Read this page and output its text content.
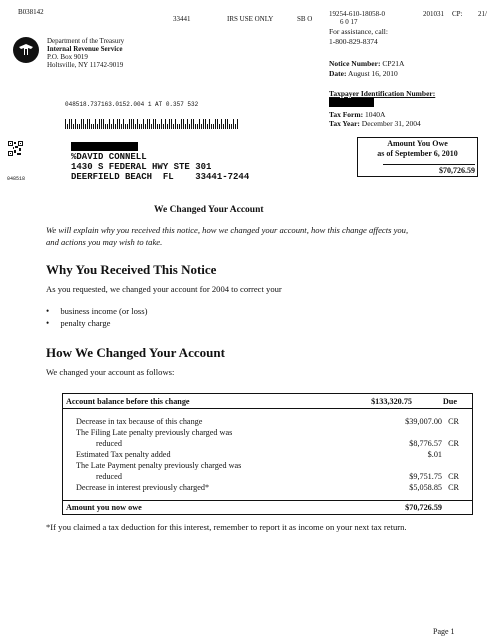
B038142
33441	IRS USE ONLY	SB O
19254-610-18058-0	201031 CP: 21/
6 0 17
Department of the Treasury
Internal Revenue Service
P.O. Box 9019
Holtsville, NY 11742-9019
For assistance, call:
1-800-829-8374
Notice Number: CP21A
Date: August 16, 2010
Taxpayer Identification Number:
Tax Form: 1040A
Tax Year: December 31, 2004
048518.737163.0152.004 1 AT 0.357 532
048518
%DAVID CONNELL
1430 S FEDERAL HWY STE 301
DEERFIELD BEACH  FL    33441-7244
Amount You Owe
as of September 6, 2010
$70,726.59
We Changed Your Account
We will explain why you received this notice, how we changed your account, how this change affects you,
and actions you may wish to take.
Why You Received This Notice
As you requested, we changed your account for 2004 to correct your
• business income (or loss)
• penalty charge
How We Changed Your Account
We changed your account as follows:
Account balance before this change	$133,320.75	Due
Decrease in tax because of this change	$39,007.00 CR
The Filing Late penalty previously charged was
reduced	$8,776.57 CR
Estimated Tax penalty added	$.01
The Late Payment penalty previously charged was
reduced	$9,751.75 CR
Decrease in interest previously charged*	$5,058.85 CR
Amount you now owe	$70,726.59
*If you claimed a tax deduction for this interest, remember to report it as income on your next tax return.
Page 1
